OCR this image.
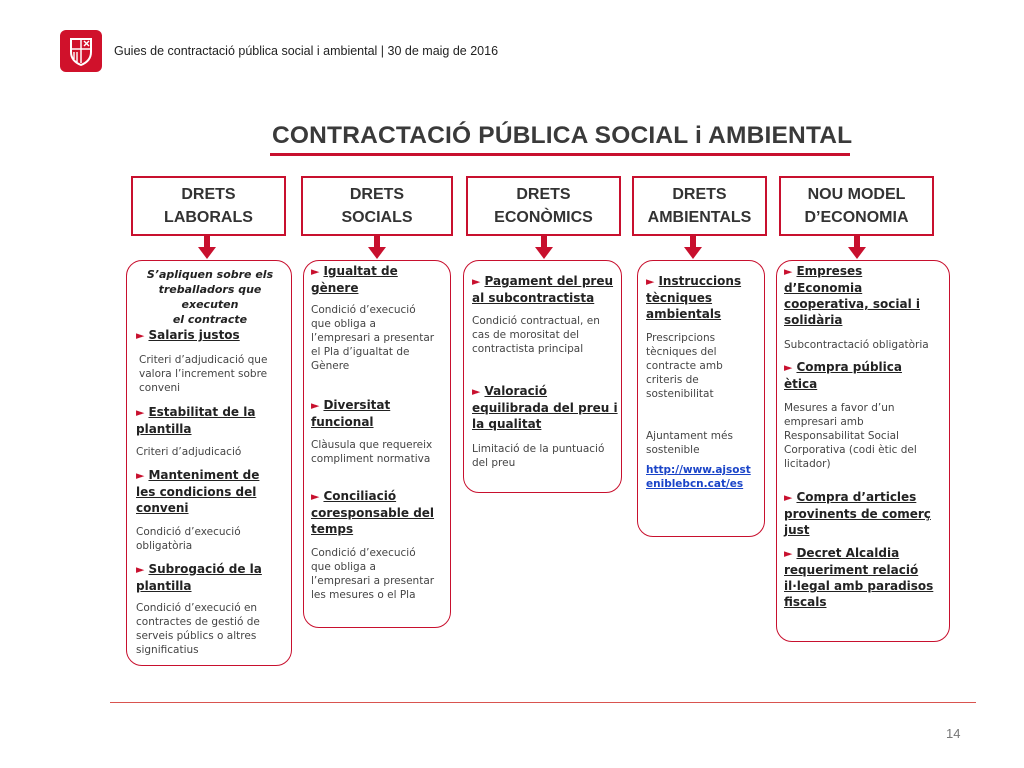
Guies de contractació pública social i ambiental | 30 de maig de 2016
CONTRACTACIÓ PÚBLICA SOCIAL i AMBIENTAL
DRETS
LABORALS
DRETS
SOCIALS
DRETS
ECONÒMICS
DRETS
AMBIENTALS
NOU MODEL
D’ECONOMIA
S’apliquen sobre els
treballadors que executen
el contracte
► Salaris justos
Criteri d’adjudicació que
valora l’increment sobre
conveni
► Estabilitat de la
plantilla
Criteri d’adjudicació
► Manteniment de
les condicions del
conveni
Condició d’execució
obligatòria
► Subrogació de la
plantilla
Condició d’execució en
contractes de gestió de
serveis públics o altres
significatius
► Igualtat de
gènere
Condició d’execució
que obliga a
l’empresari a presentar
el Pla d’igualtat de
Gènere
► Diversitat
funcional
Clàusula que requereix
compliment normativa
► Conciliació
coresponsable del
temps
Condició d’execució
que obliga a
l’empresari a presentar
les mesures o el Pla
► Pagament del preu
al subcontractista
Condició contractual, en
cas de morositat del
contractista principal
► Valoració
equilibrada del preu i
la qualitat
Limitació de la puntuació
del preu
► Instruccions
tècniques
ambientals
Prescripcions
tècniques del
contracte amb
criteris de
sostenibilitat
Ajuntament més
sostenible
http://www.ajsost
eniblebcn.cat/es
► Empreses
d’Economia
cooperativa, social i
solidària
Subcontractació obligatòria
► Compra pública
ètica
Mesures a favor d’un
empresari amb
Responsabilitat Social
Corporativa (codi ètic del
licitador)
► Compra d’articles
provinents de comerç
just
► Decret Alcaldia
requeriment relació
il·legal amb paradisos
fiscals
14
